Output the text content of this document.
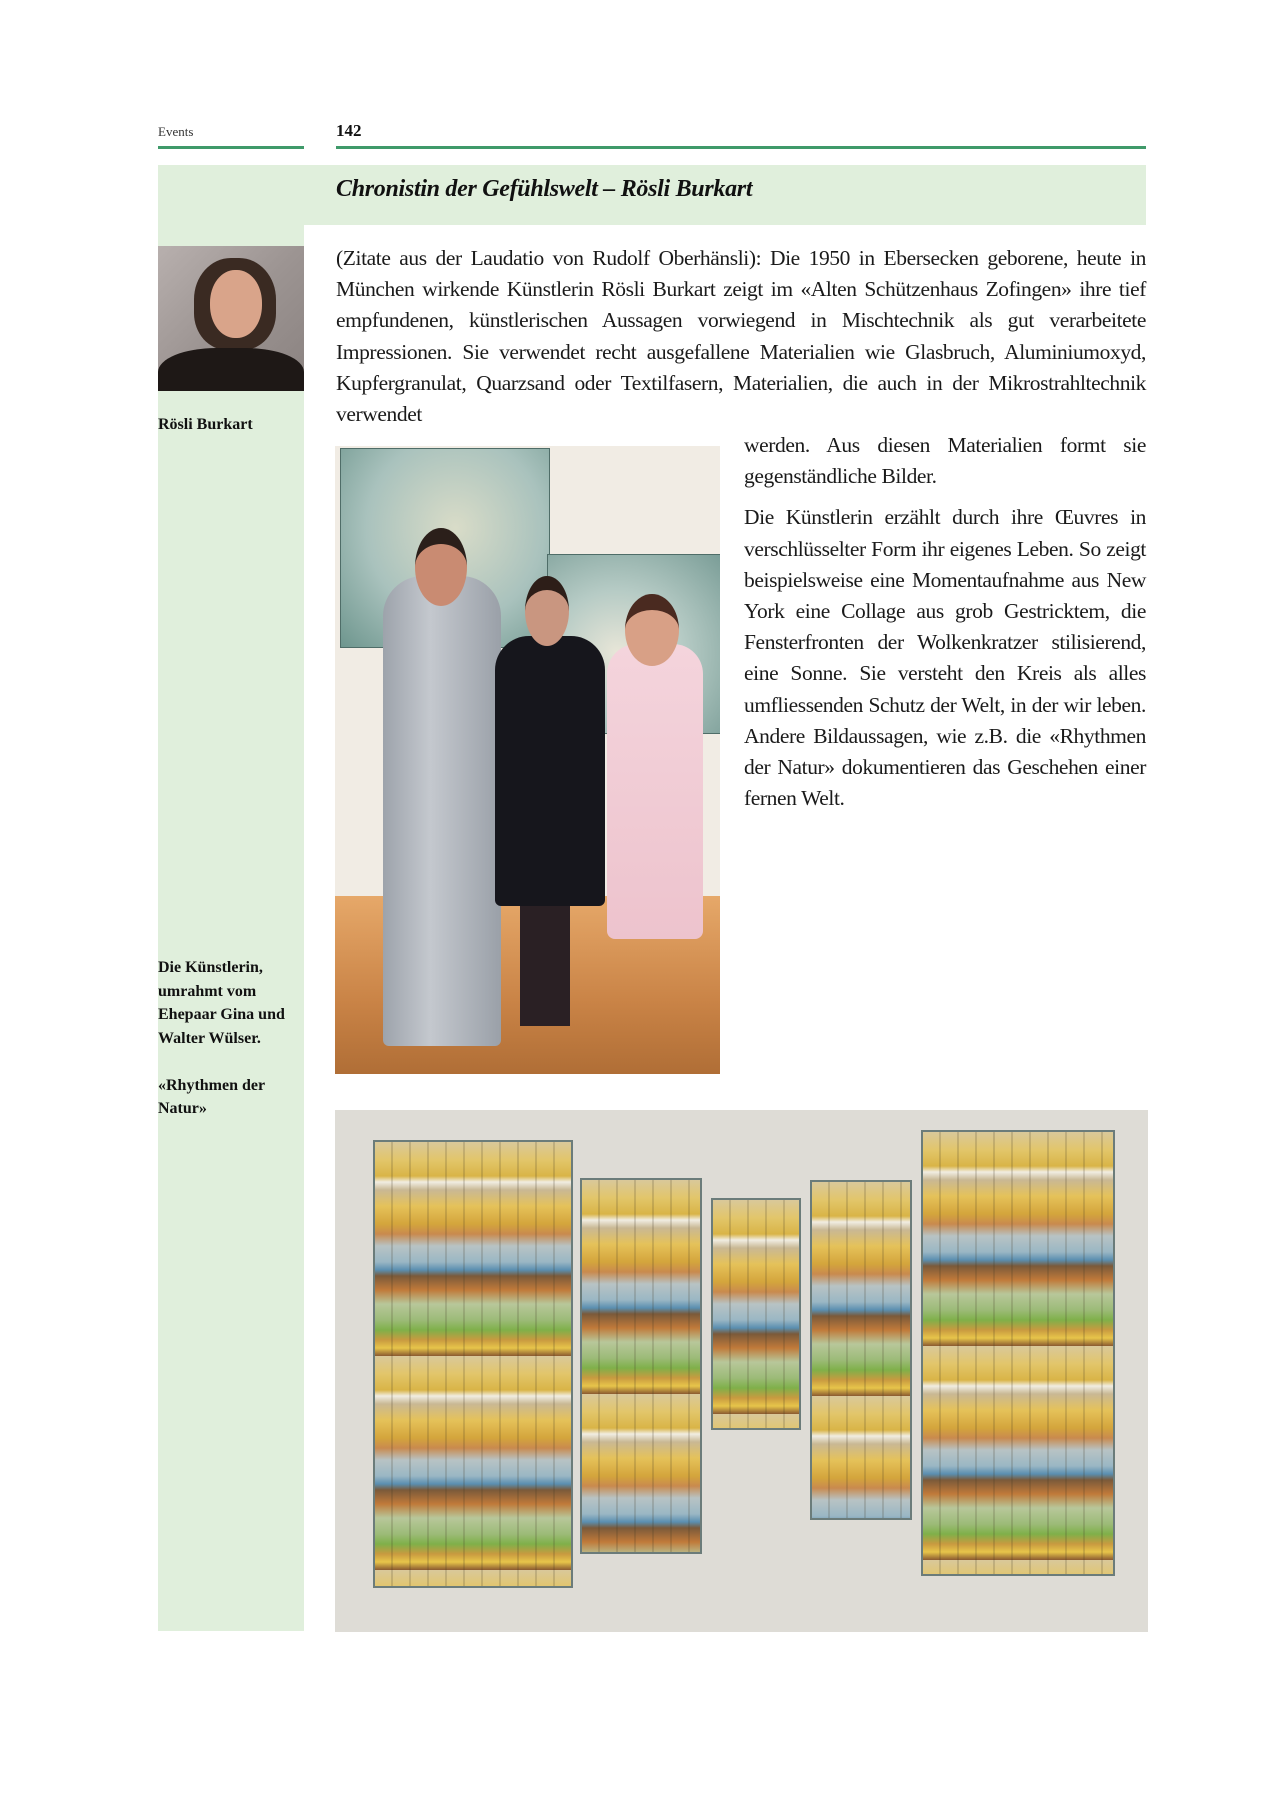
Events	142
Chronistin der Gefühlswelt – Rösli Burkart
Rösli Burkart

Die Künstlerin, umrahmt vom Ehepaar Gina und Walter Wülser.

«Rhythmen der Natur»

(Zitate aus der Laudatio von Rudolf Oberhänsli): Die 1950 in Ebersecken geborene, heute in München wirkende Künstlerin Rösli Burkart zeigt im «Alten Schützenhaus Zofingen» ihre tief empfundenen, künstlerischen Aussagen vorwiegend in Mischtechnik als gut verarbeitete Impressionen. Sie verwendet recht ausgefallene Materialien wie Glasbruch, Aluminiumoxyd, Kupfergranulat, Quarzsand oder Textilfasern, Materialien, die auch in der Mikrostrahltechnik verwendet

werden. Aus diesen Materialien formt sie gegenständliche Bilder.

Die Künstlerin erzählt durch ihre Œuvres in verschlüsselter Form ihr eigenes Leben. So zeigt beispielsweise eine Momentaufnahme aus New York eine Collage aus grob Gestricktem, die Fensterfronten der Wolkenkratzer stilisierend, eine Sonne. Sie versteht den Kreis als alles umfliessenden Schutz der Welt, in der wir leben. Andere Bildaussagen, wie z.B. die «Rhythmen der Natur» dokumentieren das Geschehen einer fernen Welt.
